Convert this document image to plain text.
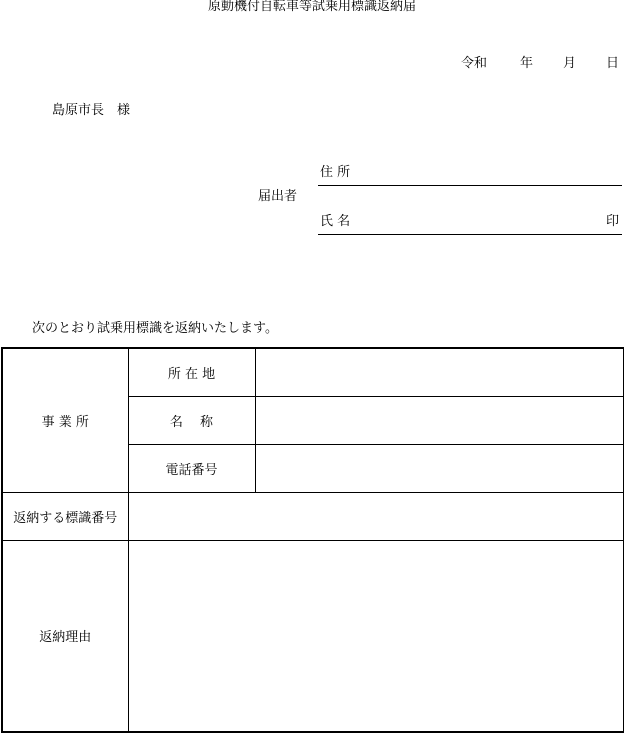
原動機付自転車等試乗用標識返納届
令和	年 月 日
島原市長　様
届出者
住 所
氏 名	印
次のとおり試乗用標識を返納いたします。
事 業 所	所 在 地	
	名 　称	
	電話番号	
返納する標識番号		
返納理由		
